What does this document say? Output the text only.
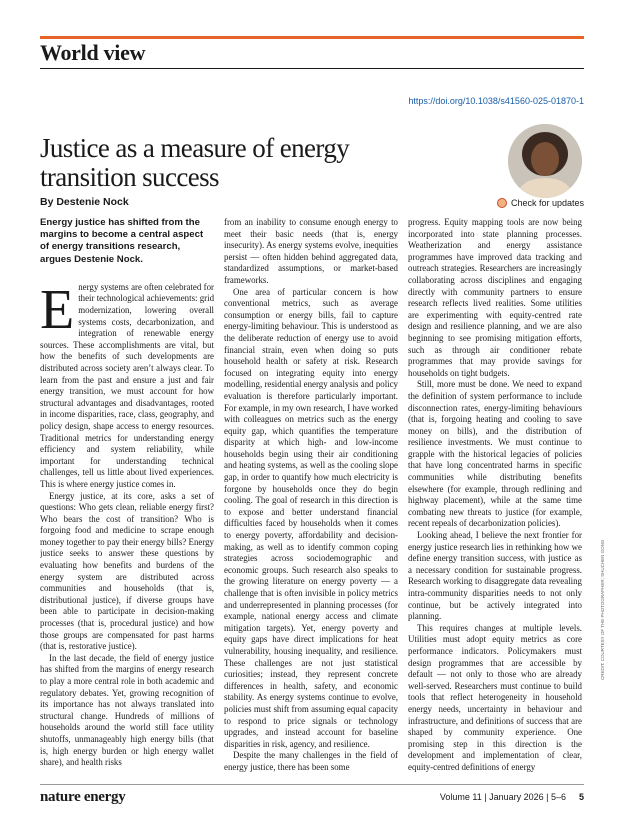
World view
https://doi.org/10.1038/s41560-025-01870-1
Justice as a measure of energy transition success
By Destenie Nock	Check for updates
Energy justice has shifted from the margins to become a central aspect of energy transitions research, argues Destenie Nock.

Energy systems are often celebrated for their technological achievements: grid modernization, lowering overall systems costs, decarbonization, and integration of renewable energy sources. These accomplishments are vital, but how the benefits of such developments are distributed across society aren’t always clear. To learn from the past and ensure a just and fair energy transition, we must account for how structural advantages and disadvantages, rooted in income disparities, race, class, geography, and policy design, shape access to energy resources. Traditional metrics for understanding energy efficiency and system reliability, while important for understanding technical challenges, tell us little about lived experiences. This is where energy justice comes in.

Energy justice, at its core, asks a set of questions: Who gets clean, reliable energy first? Who bears the cost of transition? Who is forgoing food and medicine to scrape enough money together to pay their energy bills? Energy justice seeks to answer these questions by evaluating how benefits and burdens of the energy system are distributed across communities and households (that is, distributional justice), if diverse groups have been able to participate in decision-making processes (that is, procedural justice) and how those groups are compensated for past harms (that is, restorative justice).

In the last decade, the field of energy justice has shifted from the margins of energy research to play a more central role in both academic and regulatory debates. Yet, growing recognition of its importance has not always translated into structural change. Hundreds of millions of households around the world still face utility shutoffs, unmanageably high energy bills (that is, high energy burden or high energy wallet share), and health risks

from an inability to consume enough energy to meet their basic needs (that is, energy insecurity). As energy systems evolve, inequities persist — often hidden behind aggregated data, standardized assumptions, or market-based frameworks.

One area of particular concern is how conventional metrics, such as average consumption or energy bills, fail to capture energy-limiting behaviour. This is understood as the deliberate reduction of energy use to avoid financial strain, even when doing so puts household health or safety at risk. Research focused on integrating equity into energy modelling, residential energy analysis and policy evaluation is therefore particularly important. For example, in my own research, I have worked with colleagues on metrics such as the energy equity gap, which quantifies the temperature disparity at which high- and low-income households begin using their air conditioning and heating systems, as well as the cooling slope gap, in order to quantify how much electricity is forgone by households once they do begin cooling. The goal of research in this direction is to expose and better understand financial difficulties faced by households when it comes to energy poverty, affordability and decision-making, as well as to identify common coping strategies across sociodemographic and economic groups. Such research also speaks to the growing literature on energy poverty — a challenge that is often invisible in policy metrics and underrepresented in planning processes (for example, national energy access and climate mitigation targets). Yet, energy poverty and equity gaps have direct implications for heat vulnerability, housing inequality, and resilience. These challenges are not just statistical curiosities; instead, they represent concrete differences in health, safety, and economic stability. As energy systems continue to evolve, policies must shift from assuming equal capacity to respond to price signals or technology upgrades, and instead account for baseline disparities in risk, agency, and resilience.

Despite the many challenges in the field of energy justice, there has been some

progress. Equity mapping tools are now being incorporated into state planning processes. Weatherization and energy assistance programmes have improved data tracking and outreach strategies. Researchers are increasingly collaborating across disciplines and engaging directly with community partners to ensure research reflects lived realities. Some utilities are experimenting with equity-centred rate design and resilience planning, and we are also beginning to see promising mitigation efforts, such as through air conditioner rebate programmes that may provide savings for households on tight budgets.

Still, more must be done. We need to expand the definition of system performance to include disconnection rates, energy-limiting behaviours (that is, forgoing heating and cooling to save money on bills), and the distribution of resilience investments. We must continue to grapple with the historical legacies of policies that have long concentrated harms in specific communities while distributing benefits elsewhere (for example, through redlining and highway placement), while at the same time combating new threats to justice (for example, recent repeals of decarbonization policies).

Looking ahead, I believe the next frontier for energy justice research lies in rethinking how we define energy transition success, with justice as a necessary condition for sustainable progress. Research working to disaggregate data revealing intra-community disparities needs to not only continue, but be actively integrated into planning.

This requires changes at multiple levels. Utilities must adopt equity metrics as core performance indicators. Policymakers must design programmes that are accessible by default — not only to those who are already well-served. Researchers must continue to build tools that reflect heterogeneity in household energy needs, uncertainty in behaviour and infrastructure, and definitions of success that are shaped by community experience. One promising step in this direction is the development and implementation of clear, equity-centred definitions of energy

CREDIT: COURTESY OF THE PHOTOGRAPHER; SHUCHEN GONG
nature energy	Volume 11 | January 2026 | 5–6 5
